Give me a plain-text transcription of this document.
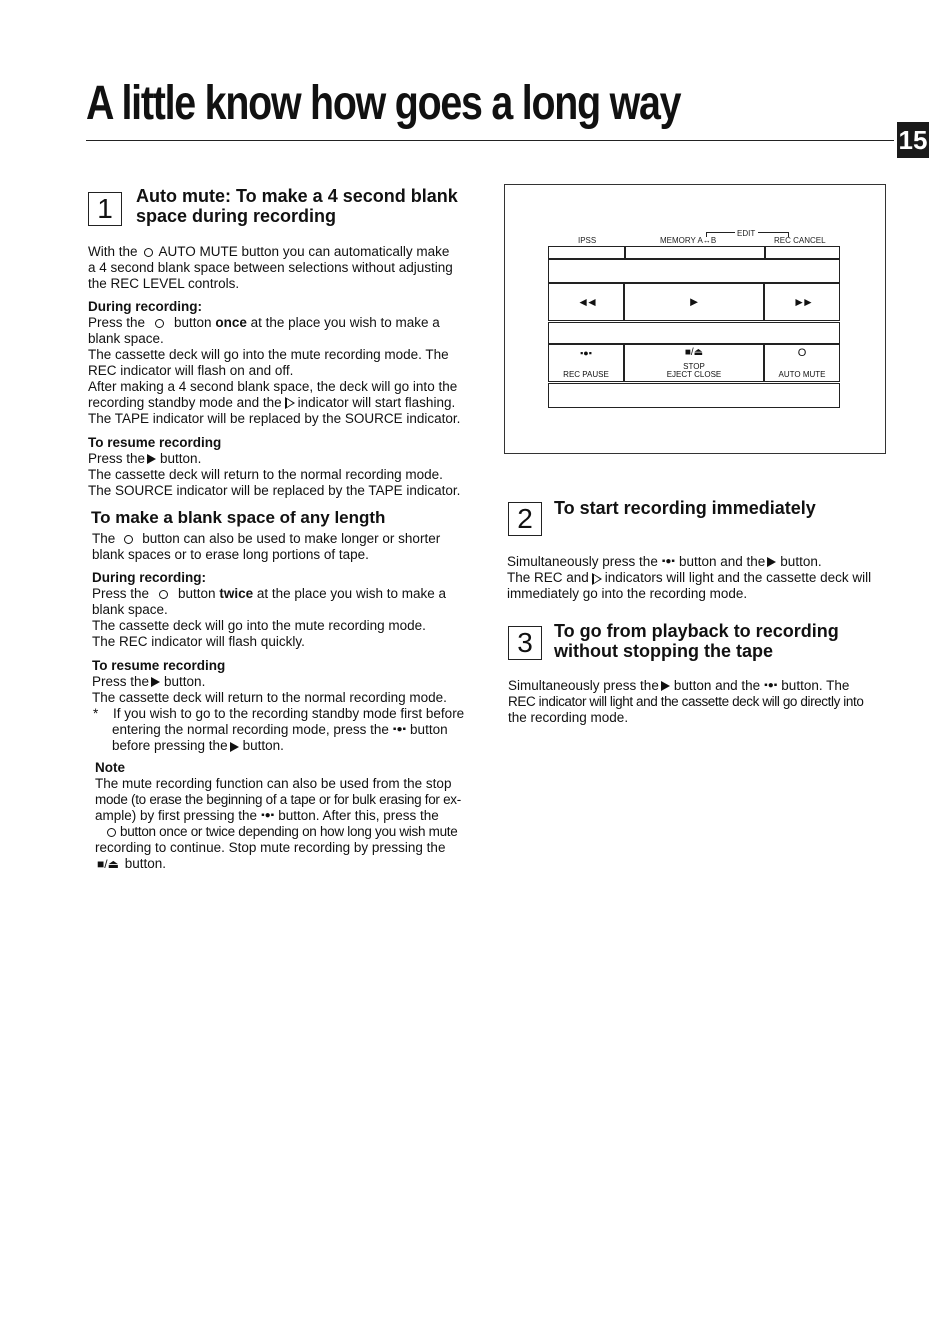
A little know how goes a long way
15
1	Auto mute: To make a 4 second blank
space during recording

With the AUTO MUTE button you can automatically make

a 4 second blank space between selections without adjusting

the REC LEVEL controls.

During recording:

Press the button once at the place you wish to make a

blank space.

The cassette deck will go into the mute recording mode. The

REC indicator will flash on and off.

After making a 4 second blank space, the deck will go into the

recording standby mode and the indicator will start flashing.

The TAPE indicator will be replaced by the SOURCE indicator.

To resume recording

Press the button.

The cassette deck will return to the normal recording mode.

The SOURCE indicator will be replaced by the TAPE indicator.

To make a blank space of any length

The button can also be used to make longer or shorter

blank spaces or to erase long portions of tape.

During recording:

Press the button twice at the place you wish to make a

blank space.

The cassette deck will go into the mute recording mode.

The REC indicator will flash quickly.

To resume recording

Press the button.

The cassette deck will return to the normal recording mode.

* If you wish to go to the recording standby mode first before

entering the normal recording mode, press the ▪●▪ button

before pressing the button.

Note

The mute recording function can also be used from the stop

mode (to erase the beginning of a tape or for bulk erasing for ex-

ample) by first pressing the ▪●▪ button. After this, press the

button once or twice depending on how long you wish mute

recording to continue. Stop mute recording by pressing the

■/⏏ button.

IPSS	MEMORY A↔B
EDIT
REC CANCEL
◄◄	►	►►
▪●▪
REC PAUSE
■/⏏
STOP
EJECT CLOSE
O
AUTO MUTE
2	To start recording immediately

Simultaneously press the ▪●▪ button and the button.

The REC and indicators will light and the cassette deck will

immediately go into the recording mode.

3	To go from playback to recording
without stopping the tape

Simultaneously press the button and the ▪●▪ button. The

REC indicator will light and the cassette deck will go directly into

the recording mode.
